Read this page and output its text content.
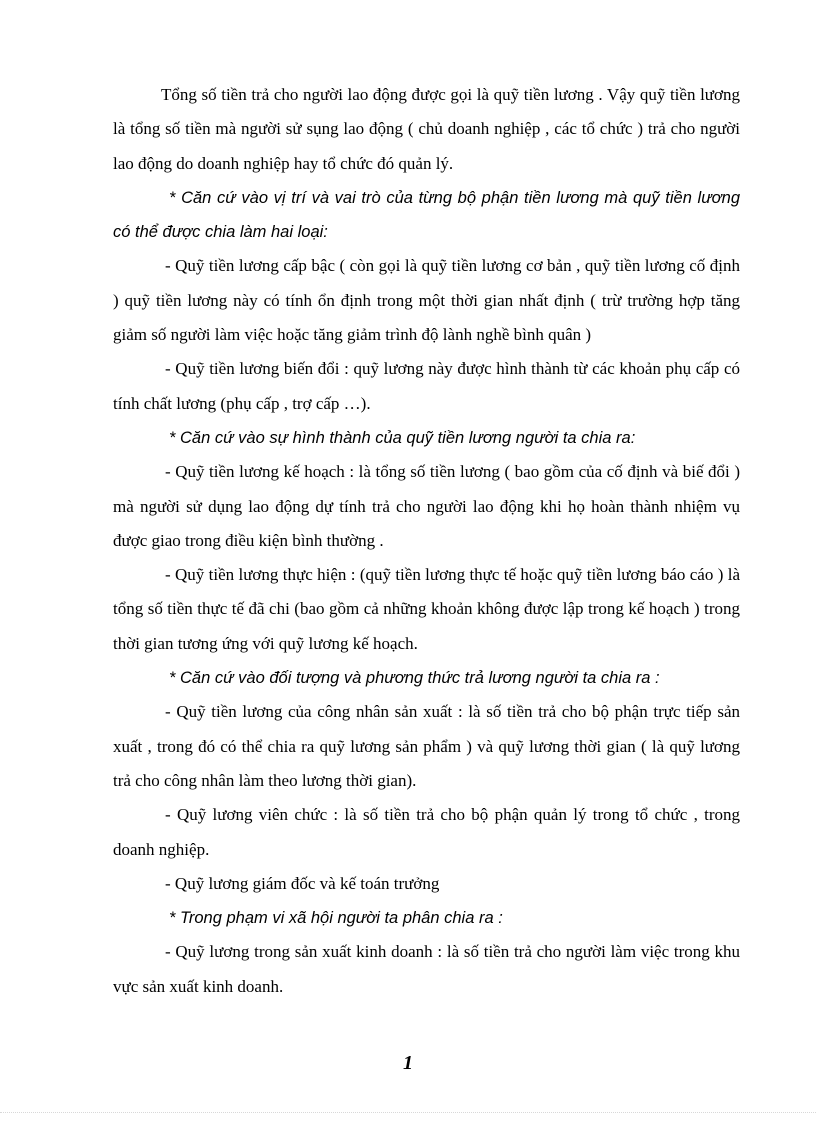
Tổng số tiền trả cho người lao động được gọi là quỹ tiền lương . Vậy quỹ tiền lương là tổng số tiền mà người sử sụng lao động ( chủ doanh nghiệp , các tổ chức ) trả cho người lao động do doanh nghiệp hay tổ chức đó quản lý.

* Căn cứ vào vị trí và vai trò của từng bộ phận tiền lương mà quỹ tiền lương có thể được chia làm hai loại:

- Quỹ tiền lương cấp bậc ( còn gọi là quỹ tiền lương cơ bản , quỹ tiền lương cố định ) quỹ tiền lương này có tính ổn định trong một thời gian nhất định ( trừ trường hợp tăng giảm số người làm việc hoặc tăng giảm trình độ lành nghề bình quân )

- Quỹ tiền lương biến đổi : quỹ lương này được hình thành từ các khoản phụ cấp có tính chất lương (phụ cấp , trợ cấp …).

* Căn cứ vào sự hình thành của quỹ tiền lương người ta chia ra:

- Quỹ tiền lương kế hoạch : là tổng số tiền lương ( bao gồm của cố định và biế đổi ) mà người sử dụng lao động dự tính trả cho người lao động khi họ hoàn thành nhiệm vụ được giao trong điều kiện bình thường .

- Quỹ tiền lương thực hiện : (quỹ tiền lương thực tế hoặc quỹ tiền lương báo cáo ) là tổng số tiền thực tế đã chi (bao gồm cả những khoản không được lập trong kế hoạch ) trong thời gian tương ứng với quỹ lương kế hoạch.

* Căn cứ vào đối tượng và phương thức trả lương người ta chia ra :

- Quỹ tiền lương của công nhân sản xuất : là số tiền trả cho bộ phận trực tiếp sản xuất , trong đó có thể chia ra quỹ lương sản phẩm ) và quỹ lương thời gian ( là quỹ lương trả cho công nhân làm theo lương thời gian).

- Quỹ lương viên chức : là số tiền trả cho bộ phận quản lý trong tổ chức , trong doanh nghiệp.

- Quỹ lương giám đốc và kế toán trưởng

* Trong phạm vi xã hội người ta phân chia ra :

- Quỹ lương trong sản xuất kinh doanh : là số tiền trả cho người làm việc trong khu vực sản xuất kinh doanh.

1
